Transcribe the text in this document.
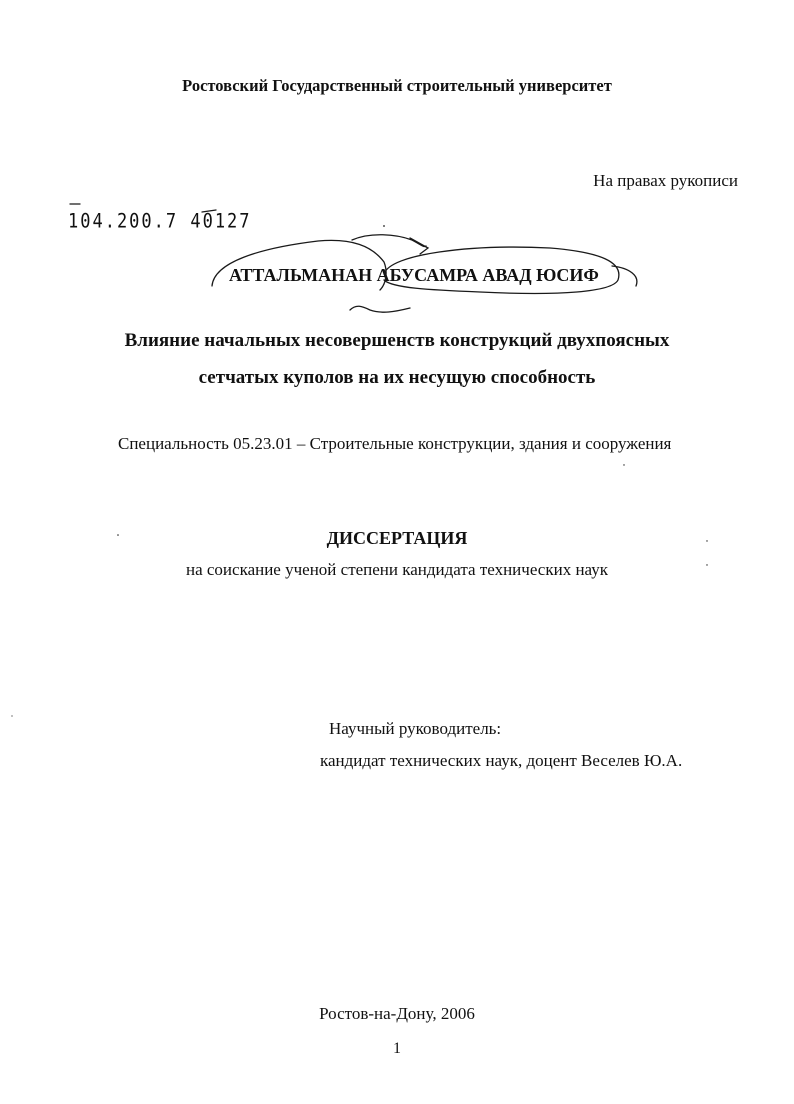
Ростовский Государственный строительный университет
На правах рукописи
104.200.7 40127
АТТАЛЬМАНАН АБУСАМРА АВАД ЮСИФ
Влияние начальных несовершенств конструкций двухпоясных
сетчатых куполов на их несущую способность
Специальность 05.23.01 – Строительные конструкции, здания и сооружения
ДИССЕРТАЦИЯ
на соискание ученой степени кандидата технических наук
Научный руководитель:
кандидат технических наук, доцент Веселев Ю.А.
Ростов-на-Дону, 2006
1
